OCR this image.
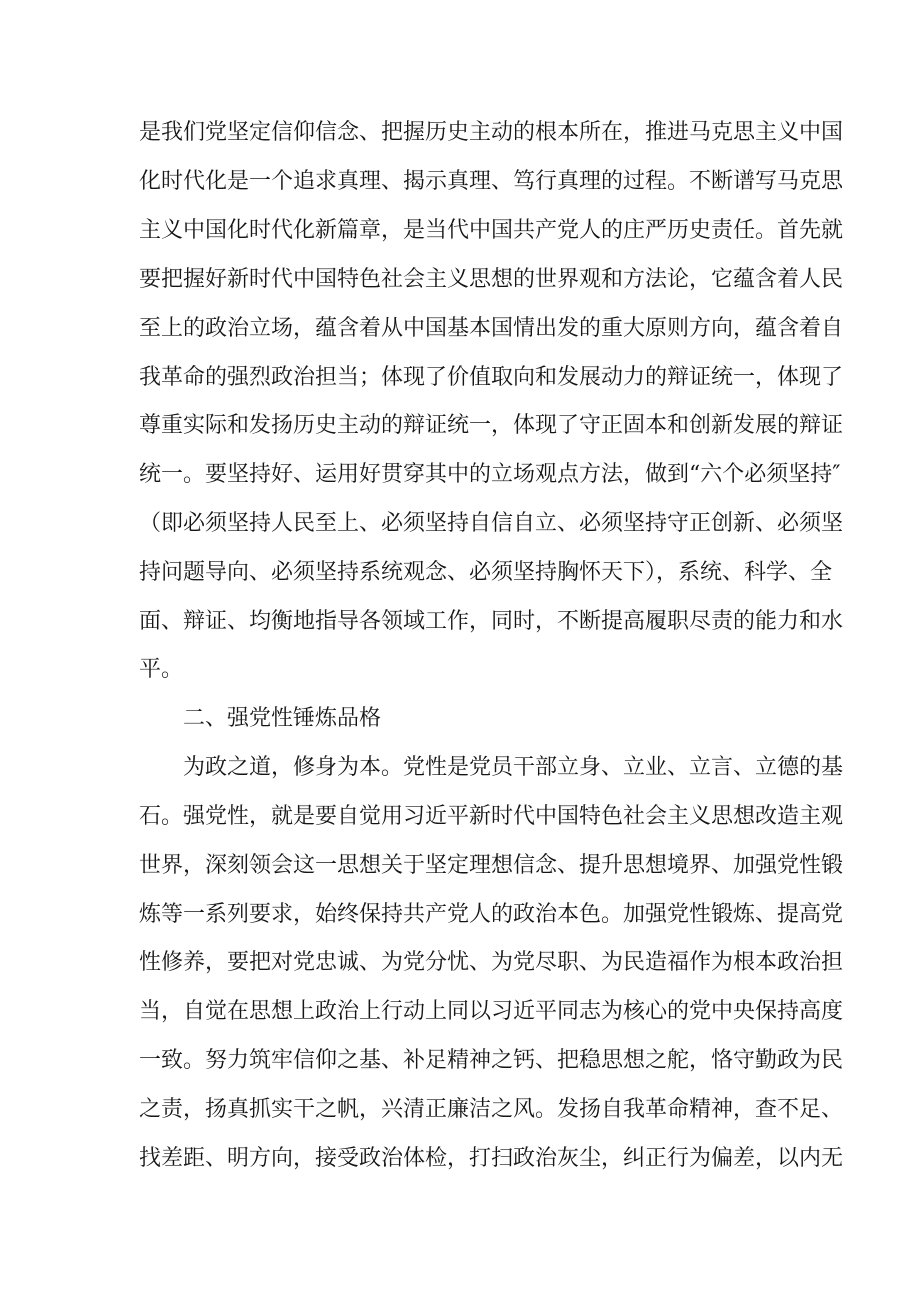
是我们党坚定信仰信念、把握历史主动的根本所在，推进马克思主义中国
化时代化是一个追求真理、揭示真理、笃行真理的过程。不断谱写马克思
主义中国化时代化新篇章，是当代中国共产党人的庄严历史责任。首先就
要把握好新时代中国特色社会主义思想的世界观和方法论，它蕴含着人民
至上的政治立场，蕴含着从中国基本国情出发的重大原则方向，蕴含着自
我革命的强烈政治担当；体现了价值取向和发展动力的辩证统一，体现了
尊重实际和发扬历史主动的辩证统一，体现了守正固本和创新发展的辩证
统一。要坚持好、运用好贯穿其中的立场观点方法，做到“六个必须坚持″
（即必须坚持人民至上、必须坚持自信自立、必须坚持守正创新、必须坚
持问题导向、必须坚持系统观念、必须坚持胸怀天下），系统、科学、全
面、辩证、均衡地指导各领域工作，同时，不断提高履职尽责的能力和水
平。
二、强党性锤炼品格
为政之道，修身为本。党性是党员干部立身、立业、立言、立德的基
石。强党性，就是要自觉用习近平新时代中国特色社会主义思想改造主观
世界，深刻领会这一思想关于坚定理想信念、提升思想境界、加强党性锻
炼等一系列要求，始终保持共产党人的政治本色。加强党性锻炼、提高党
性修养，要把对党忠诚、为党分忧、为党尽职、为民造福作为根本政治担
当，自觉在思想上政治上行动上同以习近平同志为核心的党中央保持高度
一致。努力筑牢信仰之基、补足精神之钙、把稳思想之舵，恪守勤政为民
之责，扬真抓实干之帆，兴清正廉洁之风。发扬自我革命精神，查不足、
找差距、明方向，接受政治体检，打扫政治灰尘，纠正行为偏差，以内无
